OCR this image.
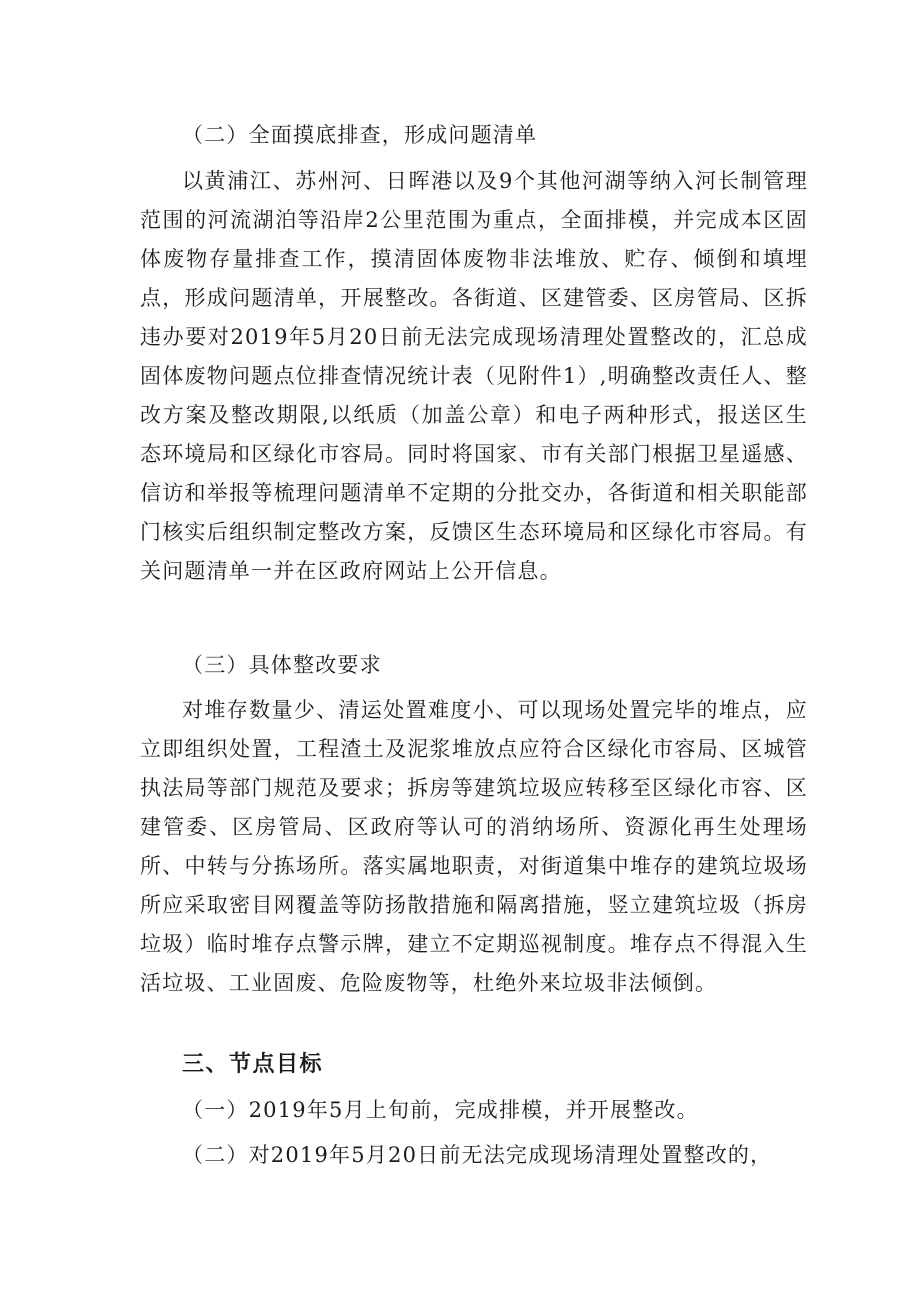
（二）全面摸底排查，形成问题清单

以黄浦江、苏州河、日晖港以及9个其他河湖等纳入河长制管理范围的河流湖泊等沿岸2公里范围为重点，全面排模，并完成本区固体废物存量排查工作，摸清固体废物非法堆放、贮存、倾倒和填埋点，形成问题清单，开展整改。各街道、区建管委、区房管局、区拆违办要对2019年5月20日前无法完成现场清理处置整改的，汇总成固体废物问题点位排查情况统计表（见附件1）,明确整改责任人、整改方案及整改期限,以纸质（加盖公章）和电子两种形式，报送区生态环境局和区绿化市容局。同时将国家、市有关部门根据卫星遥感、信访和举报等梳理问题清单不定期的分批交办，各街道和相关职能部门核实后组织制定整改方案，反馈区生态环境局和区绿化市容局。有关问题清单一并在区政府网站上公开信息。

（三）具体整改要求

对堆存数量少、清运处置难度小、可以现场处置完毕的堆点，应立即组织处置，工程渣土及泥浆堆放点应符合区绿化市容局、区城管执法局等部门规范及要求；拆房等建筑垃圾应转移至区绿化市容、区建管委、区房管局、区政府等认可的消纳场所、资源化再生处理场所、中转与分拣场所。落实属地职责，对街道集中堆存的建筑垃圾场所应采取密目网覆盖等防扬散措施和隔离措施，竖立建筑垃圾（拆房垃圾）临时堆存点警示牌，建立不定期巡视制度。堆存点不得混入生活垃圾、工业固废、危险废物等，杜绝外来垃圾非法倾倒。

三、节点目标

（一）2019年5月上旬前，完成排模，并开展整改。

（二）对2019年5月20日前无法完成现场清理处置整改的，
